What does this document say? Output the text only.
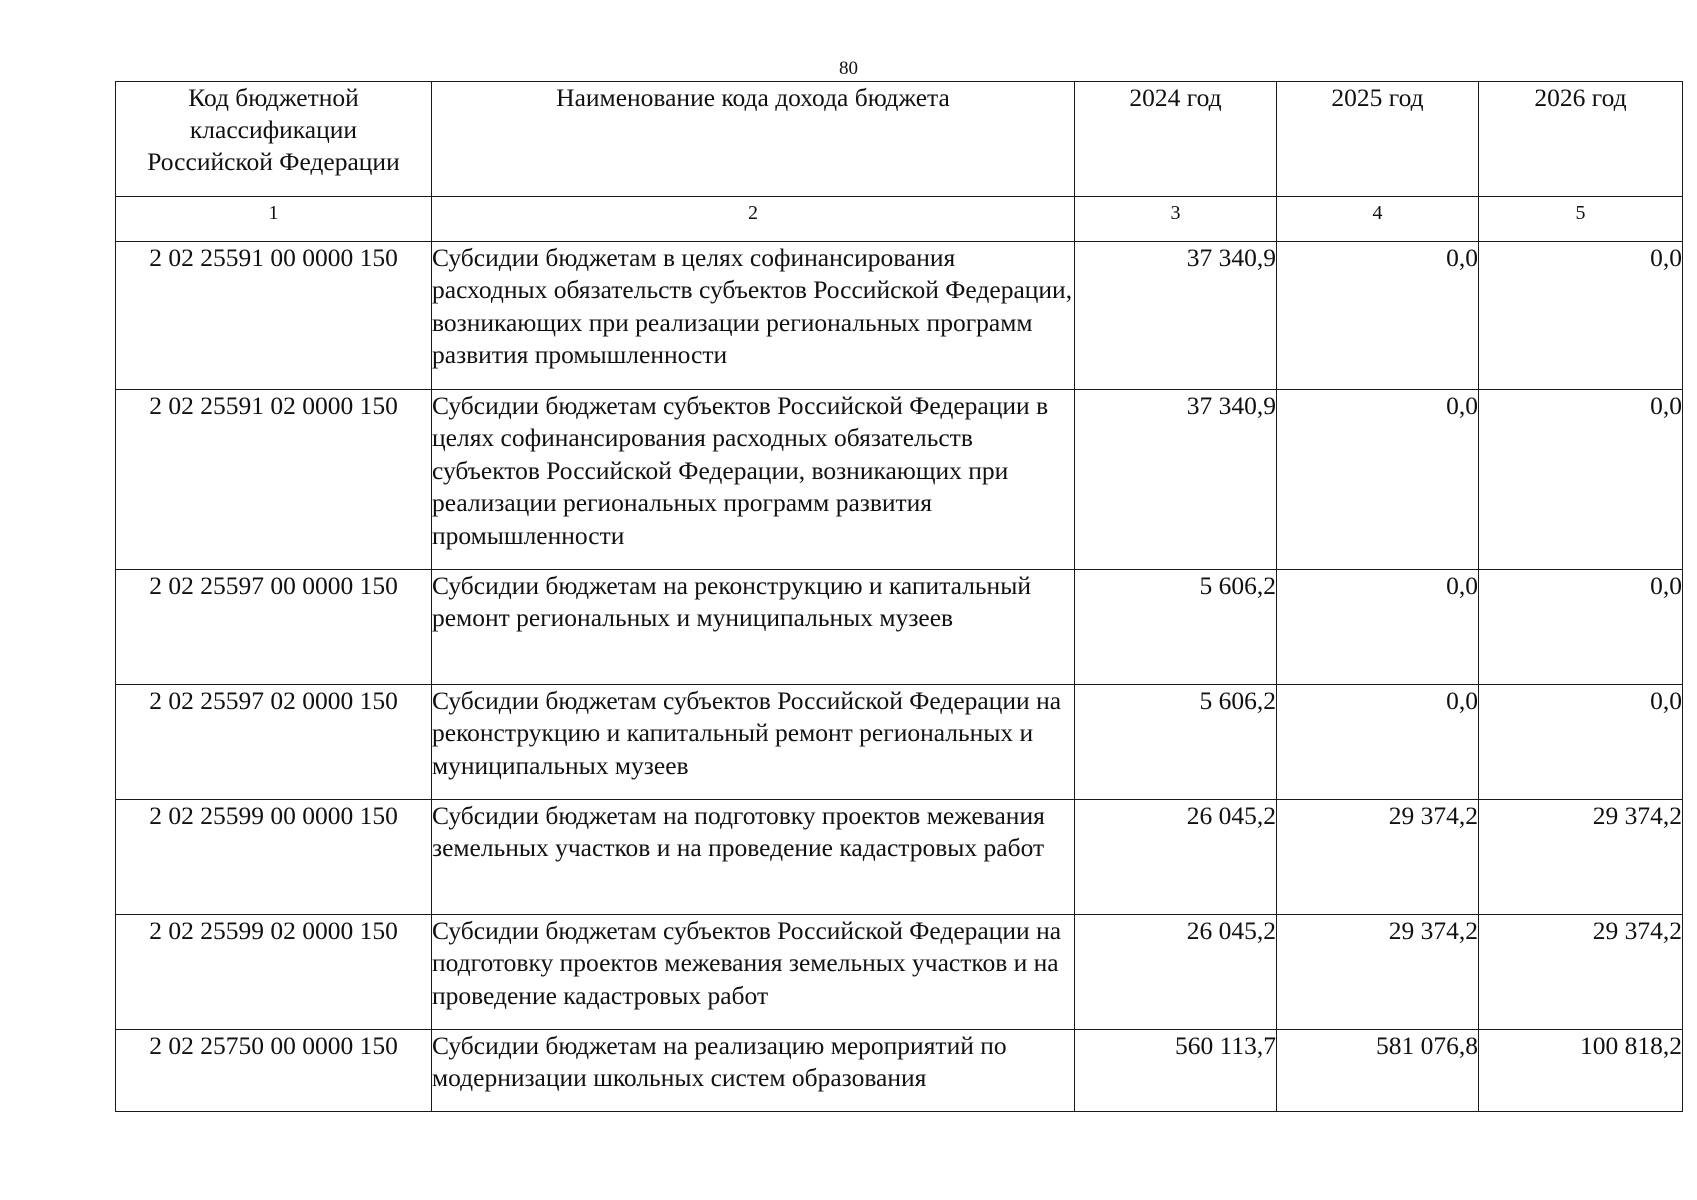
80
Код бюджетной классификации Российской Федерации	Наименование кода дохода бюджета	2024 год	2025 год	2026 год
1	2	3	4	5
2 02 25591 00 0000 150	Субсидии бюджетам в целях софинансирования расходных обязательств субъектов Российской Федерации, возникающих при реализации региональных программ развития промышленности	37 340,9	0,0	0,0
2 02 25591 02 0000 150	Субсидии бюджетам субъектов Российской Федерации в целях софинансирования расходных обязательств субъектов Российской Федерации, возникающих при реализации региональных программ развития промышленности	37 340,9	0,0	0,0
2 02 25597 00 0000 150	Субсидии бюджетам на реконструкцию и капитальный ремонт региональных и муниципальных музеев	5 606,2	0,0	0,0
2 02 25597 02 0000 150	Субсидии бюджетам субъектов Российской Федерации на реконструкцию и капитальный ремонт региональных и муниципальных музеев	5 606,2	0,0	0,0
2 02 25599 00 0000 150	Субсидии бюджетам на подготовку проектов межевания земельных участков и на проведение кадастровых работ	26 045,2	29 374,2	29 374,2
2 02 25599 02 0000 150	Субсидии бюджетам субъектов Российской Федерации на подготовку проектов межевания земельных участков и на проведение кадастровых работ	26 045,2	29 374,2	29 374,2
2 02 25750 00 0000 150	Субсидии бюджетам на реализацию мероприятий по модернизации школьных систем образования	560 113,7	581 076,8	100 818,2
